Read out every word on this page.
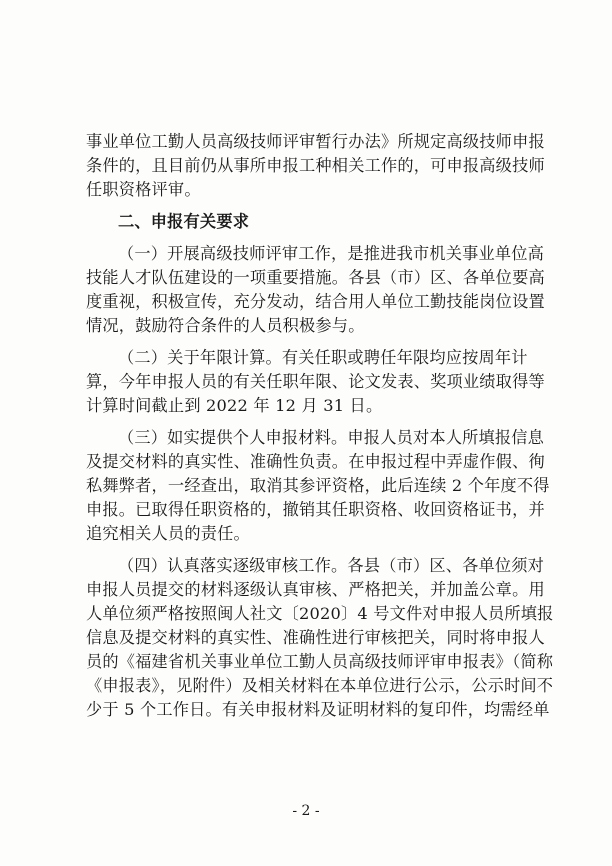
事业单位工勤人员高级技师评审暂行办法》所规定高级技师申报
条件的，且目前仍从事所申报工种相关工作的，可申报高级技师
任职资格评审。
二、申报有关要求
（一）开展高级技师评审工作，是推进我市机关事业单位高
技能人才队伍建设的一项重要措施。各县（市）区、各单位要高
度重视，积极宣传，充分发动，结合用人单位工勤技能岗位设置
情况，鼓励符合条件的人员积极参与。
（二）关于年限计算。有关任职或聘任年限均应按周年计
算，今年申报人员的有关任职年限、论文发表、奖项业绩取得等
计算时间截止到 2022 年 12 月 31 日。
（三）如实提供个人申报材料。申报人员对本人所填报信息
及提交材料的真实性、准确性负责。在申报过程中弄虚作假、徇
私舞弊者，一经查出，取消其参评资格，此后连续 2 个年度不得
申报。已取得任职资格的，撤销其任职资格、收回资格证书，并
追究相关人员的责任。
（四）认真落实逐级审核工作。各县（市）区、各单位须对
申报人员提交的材料逐级认真审核、严格把关，并加盖公章。用
人单位须严格按照闽人社文〔2020〕4 号文件对申报人员所填报
信息及提交材料的真实性、准确性进行审核把关，同时将申报人
员的《福建省机关事业单位工勤人员高级技师评审申报表》（简称
《申报表》，见附件）及相关材料在本单位进行公示，公示时间不
少于 5 个工作日。有关申报材料及证明材料的复印件，均需经单
- 2 -
